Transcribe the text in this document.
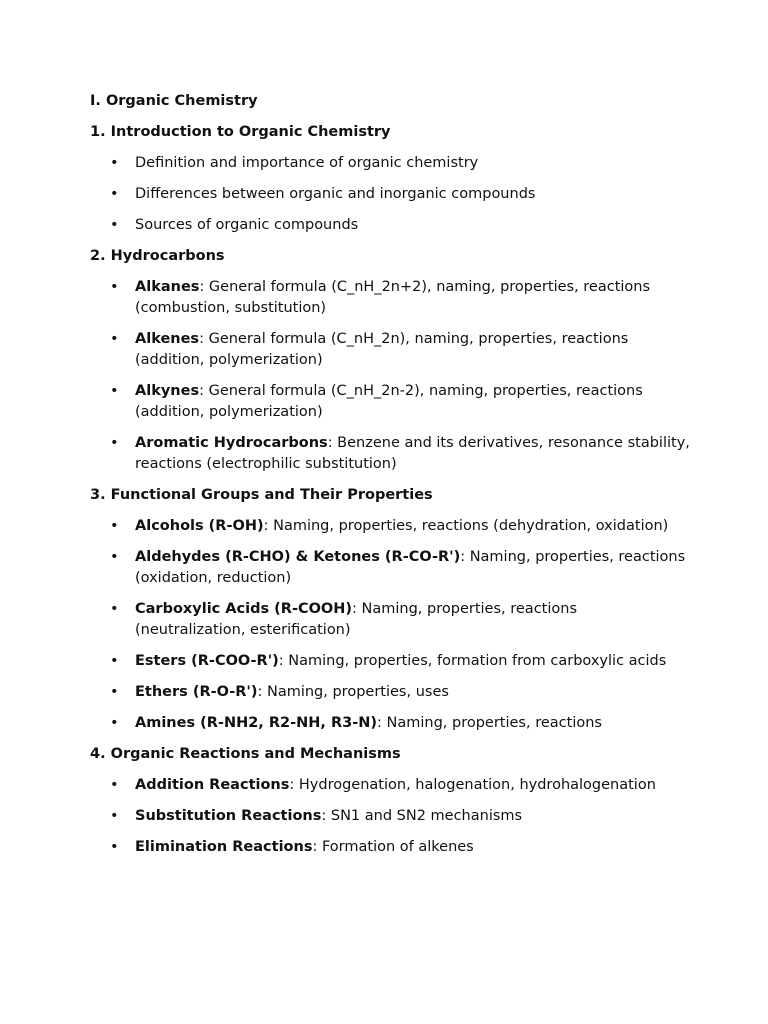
I. Organic Chemistry
1. Introduction to Organic Chemistry
• Definition and importance of organic chemistry
• Differences between organic and inorganic compounds
• Sources of organic compounds
2. Hydrocarbons
• Alkanes: General formula (C_nH_2n+2), naming, properties, reactions (combustion, substitution)
• Alkenes: General formula (C_nH_2n), naming, properties, reactions (addition, polymerization)
• Alkynes: General formula (C_nH_2n-2), naming, properties, reactions (addition, polymerization)
• Aromatic Hydrocarbons: Benzene and its derivatives, resonance stability, reactions (electrophilic substitution)
3. Functional Groups and Their Properties
• Alcohols (R-OH): Naming, properties, reactions (dehydration, oxidation)
• Aldehydes (R-CHO) & Ketones (R-CO-R'): Naming, properties, reactions (oxidation, reduction)
• Carboxylic Acids (R-COOH): Naming, properties, reactions (neutralization, esterification)
• Esters (R-COO-R'): Naming, properties, formation from carboxylic acids
• Ethers (R-O-R'): Naming, properties, uses
• Amines (R-NH2, R2-NH, R3-N): Naming, properties, reactions
4. Organic Reactions and Mechanisms
• Addition Reactions: Hydrogenation, halogenation, hydrohalogenation
• Substitution Reactions: SN1 and SN2 mechanisms
• Elimination Reactions: Formation of alkenes
